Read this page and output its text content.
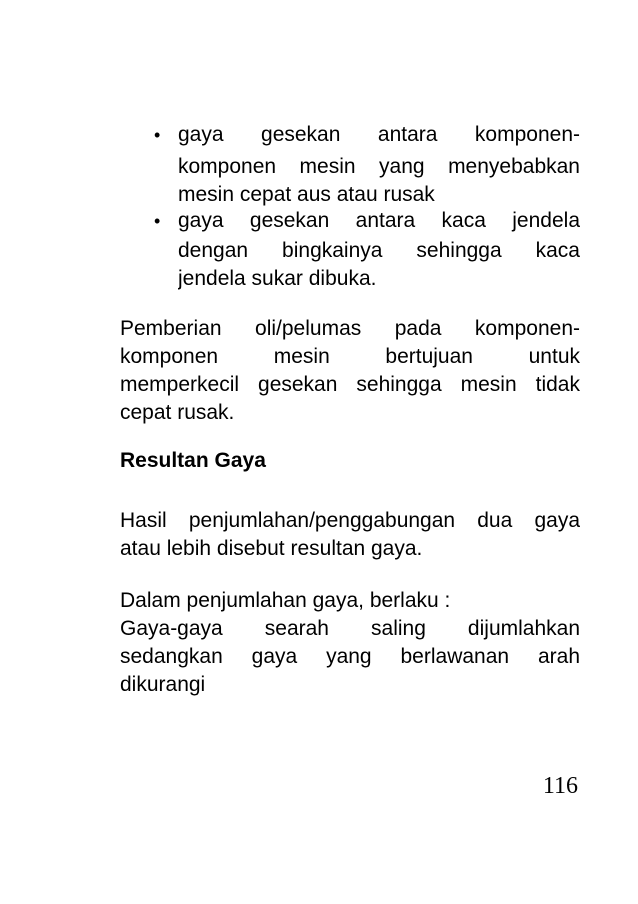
• gaya gesekan antara komponen-
komponen mesin yang menyebabkan
mesin cepat aus atau rusak
• gaya gesekan antara kaca jendela
dengan bingkainya sehingga kaca
jendela sukar dibuka.
Pemberian oli/pelumas pada komponen-
komponen mesin bertujuan untuk
memperkecil gesekan sehingga mesin tidak
cepat rusak.
Resultan Gaya
Hasil penjumlahan/penggabungan dua gaya
atau lebih disebut resultan gaya.
Dalam penjumlahan gaya, berlaku :
Gaya-gaya searah saling dijumlahkan
sedangkan gaya yang berlawanan arah
dikurangi
116
